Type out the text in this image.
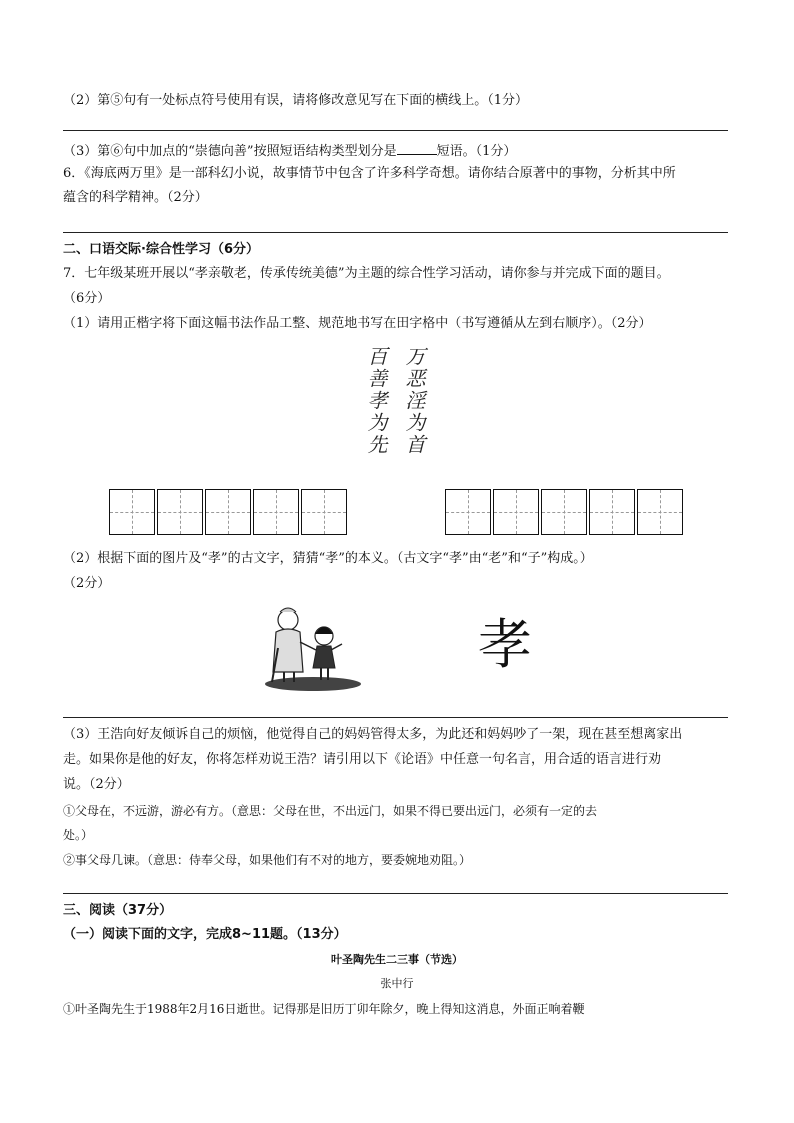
（2）第⑤句有一处标点符号使用有误，请将修改意见写在下面的横线上。（1分）
（3）第⑥句中加点的“崇德向善”按照短语结构类型划分是	短语。（1分）
6．《海底两万里》是一部科幻小说，故事情节中包含了许多科学奇想。请你结合原著中的事物，分析其中所
蕴含的科学精神。（2分）
二、口语交际·综合性学习（6分）
7．七年级某班开展以“孝亲敬老，传承传统美德”为主题的综合性学习活动，请你参与并完成下面的题目。
（6分）
（1）请用正楷字将下面这幅书法作品工整、规范地书写在田字格中（书写遵循从左到右顺序）。（2分）
百善孝为先 万恶淫为首
（2）根据下面的图片及“孝”的古文字，猜猜“孝”的本义。（古文字“孝”由“老”和“子”构成。）
（2分）
孝
（3）王浩向好友倾诉自己的烦恼，他觉得自己的妈妈管得太多，为此还和妈妈吵了一架，现在甚至想离家出
走。如果你是他的好友，你将怎样劝说王浩？请引用以下《论语》中任意一句名言，用合适的语言进行劝
说。（2分）
①父母在，不远游，游必有方。（意思：父母在世，不出远门，如果不得已要出远门，必须有一定的去
处。）
②事父母几谏。（意思：侍奉父母，如果他们有不对的地方，要委婉地劝阻。）
三、阅读（37分）
（一）阅读下面的文字，完成8~11题。（13分）
叶圣陶先生二三事（节选）
张中行
①叶圣陶先生于1988年2月16日逝世。记得那是旧历丁卯年除夕，晚上得知这消息，外面正响着鞭
